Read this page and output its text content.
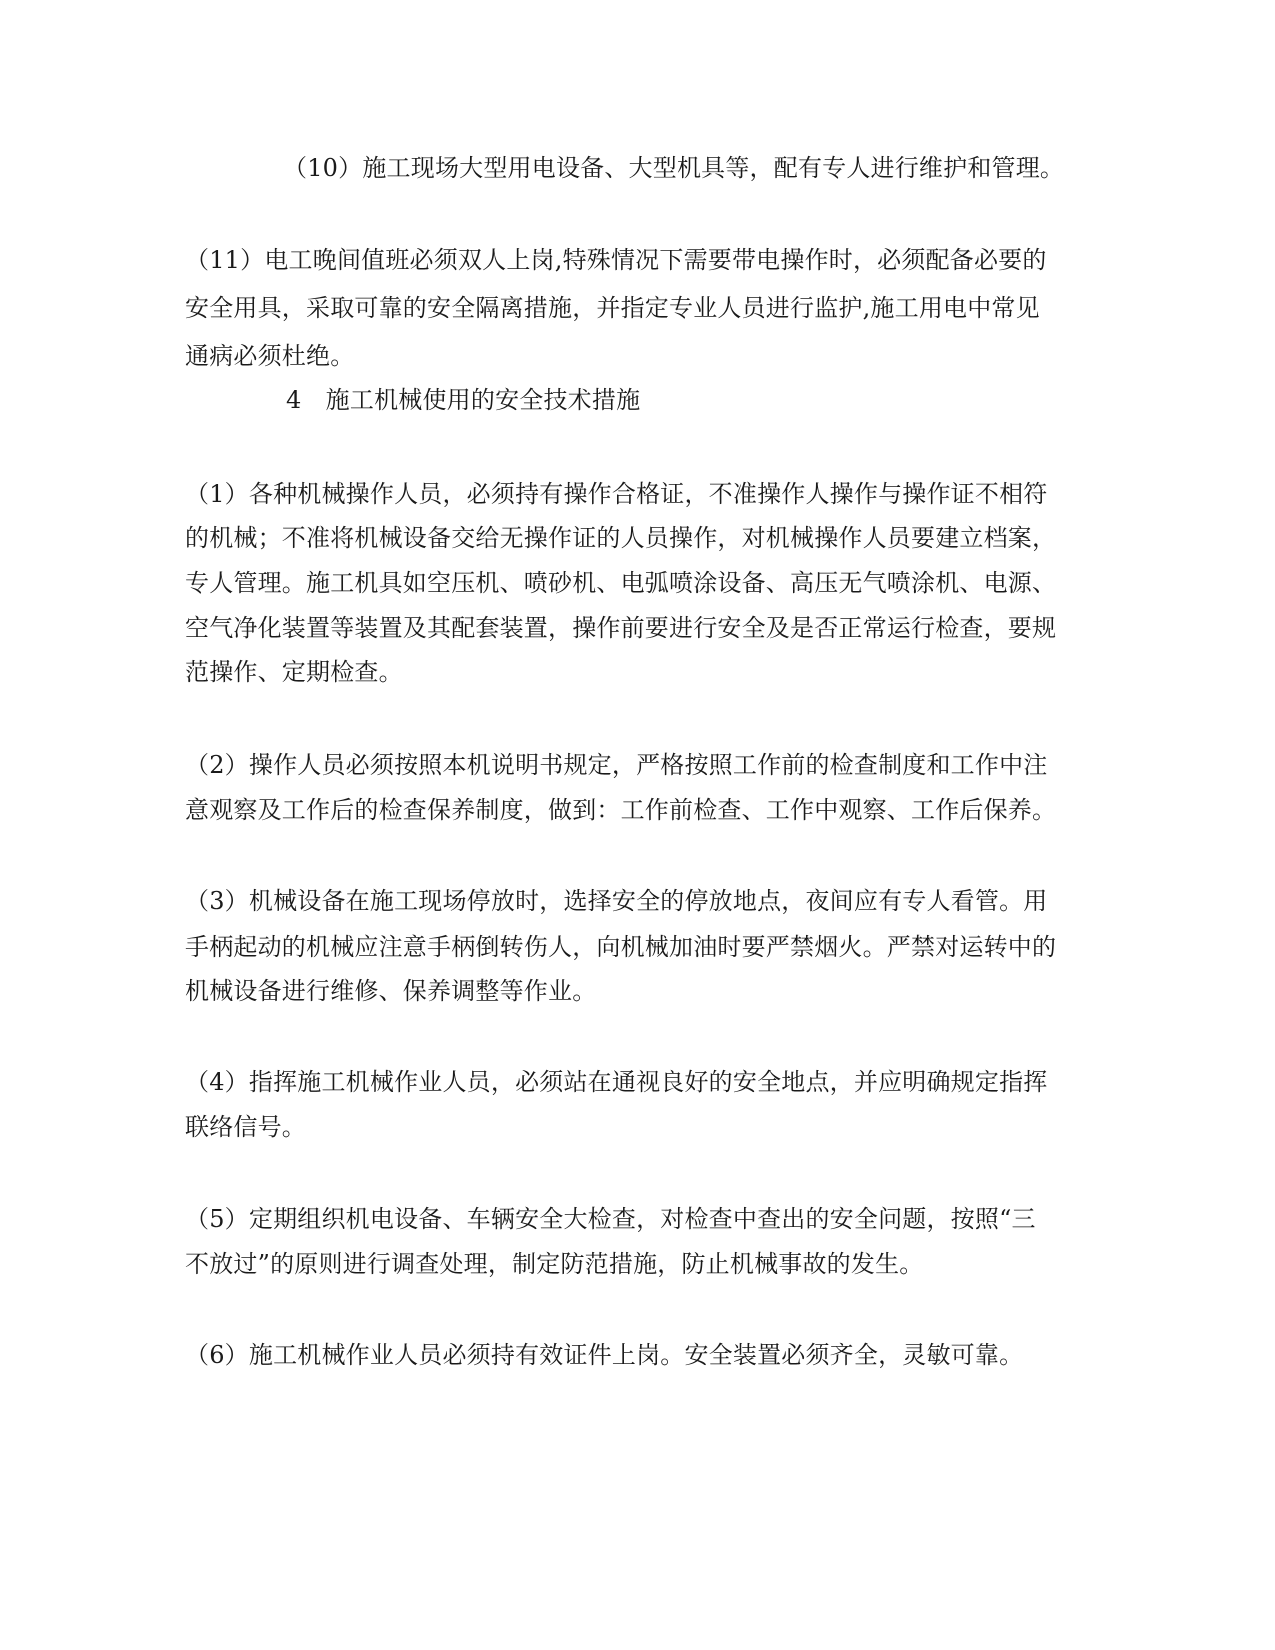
（10）施工现场大型用电设备、大型机具等，配有专人进行维护和管理。
（11）电工晚间值班必须双人上岗,特殊情况下需要带电操作时，必须配备必要的
安全用具，采取可靠的安全隔离措施，并指定专业人员进行监护,施工用电中常见
通病必须杜绝。
4　施工机械使用的安全技术措施
（1）各种机械操作人员，必须持有操作合格证，不准操作人操作与操作证不相符
的机械；不准将机械设备交给无操作证的人员操作，对机械操作人员要建立档案，
专人管理。施工机具如空压机、喷砂机、电弧喷涂设备、高压无气喷涂机、电源、
空气净化装置等装置及其配套装置，操作前要进行安全及是否正常运行检查，要规
范操作、定期检查。
（2）操作人员必须按照本机说明书规定，严格按照工作前的检查制度和工作中注
意观察及工作后的检查保养制度，做到：工作前检查、工作中观察、工作后保养。
（3）机械设备在施工现场停放时，选择安全的停放地点，夜间应有专人看管。用
手柄起动的机械应注意手柄倒转伤人，向机械加油时要严禁烟火。严禁对运转中的
机械设备进行维修、保养调整等作业。
（4）指挥施工机械作业人员，必须站在通视良好的安全地点，并应明确规定指挥
联络信号。
（5）定期组织机电设备、车辆安全大检查，对检查中查出的安全问题，按照“三
不放过”的原则进行调查处理，制定防范措施，防止机械事故的发生。
（6）施工机械作业人员必须持有效证件上岗。安全装置必须齐全，灵敏可靠。
